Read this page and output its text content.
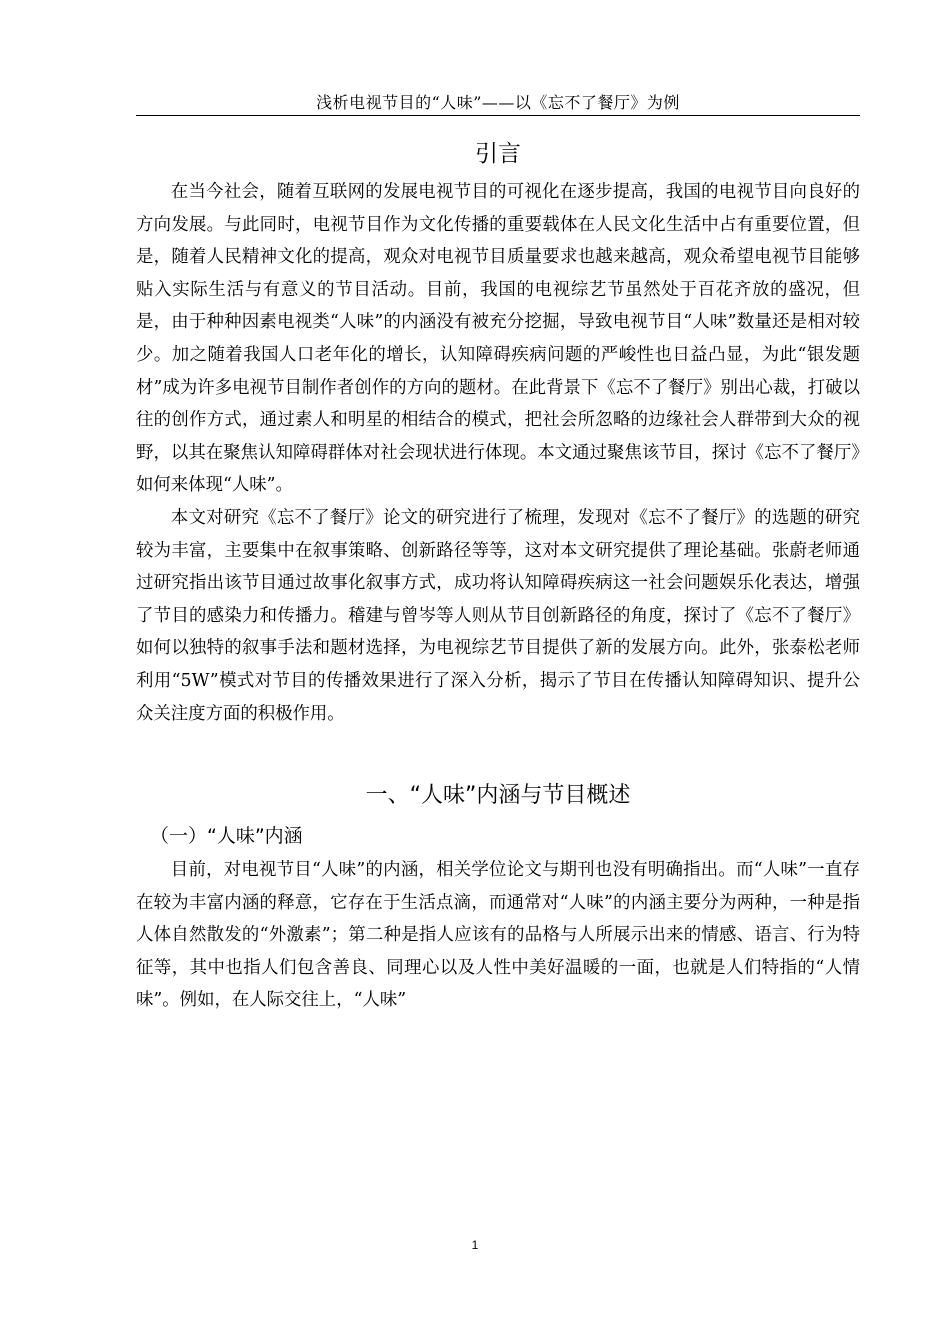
浅析电视节目的“人味”——以《忘不了餐厅》为例
引言

在当今社会，随着互联网的发展电视节目的可视化在逐步提高，我国的电视节目向良好的方向发展。与此同时，电视节目作为文化传播的重要载体在人民文化生活中占有重要位置，但是，随着人民精神文化的提高，观众对电视节目质量要求也越来越高，观众希望电视节目能够贴入实际生活与有意义的节目活动。目前，我国的电视综艺节虽然处于百花齐放的盛况，但是，由于种种因素电视类“人味”的内涵没有被充分挖掘，导致电视节目“人味”数量还是相对较少。加之随着我国人口老年化的增长，认知障碍疾病问题的严峻性也日益凸显，为此“银发题材”成为许多电视节目制作者创作的方向的题材。在此背景下《忘不了餐厅》别出心裁，打破以往的创作方式，通过素人和明星的相结合的模式，把社会所忽略的边缘社会人群带到大众的视野，以其在聚焦认知障碍群体对社会现状进行体现。本文通过聚焦该节目，探讨《忘不了餐厅》如何来体现“人味”。

本文对研究《忘不了餐厅》论文的研究进行了梳理，发现对《忘不了餐厅》的选题的研究较为丰富，主要集中在叙事策略、创新路径等等，这对本文研究提供了理论基础。张蔚老师通过研究指出该节目通过故事化叙事方式，成功将认知障碍疾病这一社会问题娱乐化表达，增强了节目的感染力和传播力。稽建与曾岑等人则从节目创新路径的角度，探讨了《忘不了餐厅》如何以独特的叙事手法和题材选择，为电视综艺节目提供了新的发展方向。此外，张泰松老师利用“5W”模式对节目的传播效果进行了深入分析，揭示了节目在传播认知障碍知识、提升公众关注度方面的积极作用。

一、“人味”内涵与节目概述
（一）“人味”内涵

目前，对电视节目“人味”的内涵，相关学位论文与期刊也没有明确指出。而“人味”一直存在较为丰富内涵的释意，它存在于生活点滴，而通常对“人味”的内涵主要分为两种，一种是指人体自然散发的“外激素”；第二种是指人应该有的品格与人所展示出来的情感、语言、行为特征等，其中也指人们包含善良、同理心以及人性中美好温暖的一面，也就是人们特指的“人情味”。例如，在人际交往上，“人味”

1
